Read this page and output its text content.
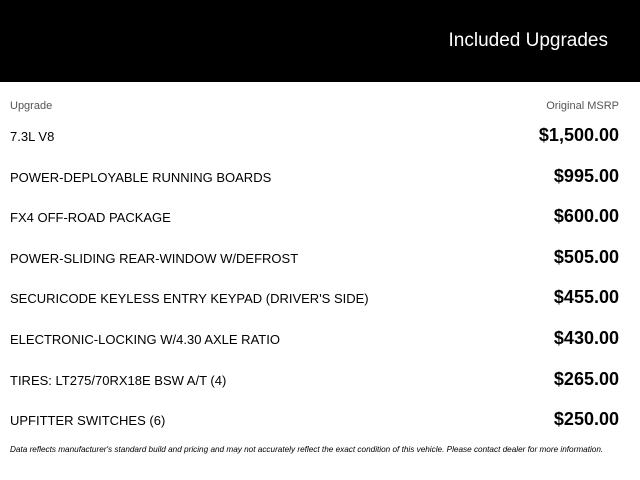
Included Upgrades
Upgrade	Original MSRP
7.3L V8	$1,500.00
POWER-DEPLOYABLE RUNNING BOARDS	$995.00
FX4 OFF-ROAD PACKAGE	$600.00
POWER-SLIDING REAR-WINDOW W/DEFROST	$505.00
SECURICODE KEYLESS ENTRY KEYPAD (DRIVER'S SIDE)	$455.00
ELECTRONIC-LOCKING W/4.30 AXLE RATIO	$430.00
TIRES: LT275/70RX18E BSW A/T (4)	$265.00
UPFITTER SWITCHES (6)	$250.00
Data reflects manufacturer's standard build and pricing and may not accurately reflect the exact condition of this vehicle. Please contact dealer for more information.
